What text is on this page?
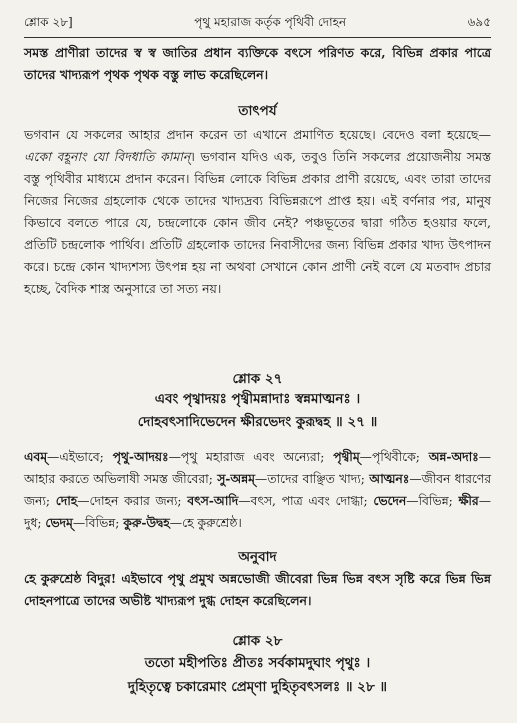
শ্লোক ২৮]	পৃথু মহারাজ কর্তৃক পৃথিবী দোহন	৬৯৫
সমস্ত প্রাণীরা তাদের স্ব স্ব জাতির প্রধান ব্যক্তিকে বৎসে পরিণত করে, বিভিন্ন প্রকার পাত্রে তাদের খাদ্যরূপ পৃথক পৃথক বস্তু লাভ করেছিলেন।
তাৎপর্য
ভগবান যে সকলের আহার প্রদান করেন তা এখানে প্রমাণিত হয়েছে। বেদেও বলা হয়েছে—একো বহূনাং যো বিদধাতি কামান্। ভগবান যদিও এক, তবুও তিনি সকলের প্রয়োজনীয় সমস্ত বস্তু পৃথিবীর মাধ্যমে প্রদান করেন। বিভিন্ন লোকে বিভিন্ন প্রকার প্রাণী রয়েছে, এবং তারা তাদের নিজের নিজের গ্রহলোক থেকে তাদের খাদ্যদ্রব্য বিভিন্নরূপে প্রাপ্ত হয়। এই বর্ণনার পর, মানুষ কিভাবে বলতে পারে যে, চন্দ্রলোকে কোন জীব নেই? পঞ্চভূতের দ্বারা গঠিত হওয়ার ফলে, প্রতিটি চন্দ্রলোক পার্থিব। প্রতিটি গ্রহলোক তাদের নিবাসীদের জন্য বিভিন্ন প্রকার খাদ্য উৎপাদন করে। চন্দ্রে কোন খাদ্যশস্য উৎপন্ন হয় না অথবা সেখানে কোন প্রাণী নেই বলে যে মতবাদ প্রচার হচ্ছে, বৈদিক শাস্ত্র অনুসারে তা সত্য নয়।
শ্লোক ২৭
এবং পৃথ্বাদয়ঃ পৃথ্বীমন্নাদাঃ স্বন্নমাত্মনঃ ।
দোহবৎসাদিভেদেন ক্ষীরভেদং কুরূদ্বহ ॥ ২৭ ॥
এবম্—এইভাবে; পৃথু-আদয়ঃ—পৃথু মহারাজ এবং অন্যেরা; পৃথ্বীম্—পৃথিবীকে; অন্ন-অদাঃ—আহার করতে অভিলাষী সমস্ত জীবেরা; সু-অন্নম্—তাদের বাঞ্ছিত খাদ্য; আত্মনঃ—জীবন ধারণের জন্য; দোহ—দোহন করার জন্য; বৎস-আদি—বৎস, পাত্র এবং দোগ্ধা; ভেদেন—বিভিন্ন; ক্ষীর—দুধ; ভেদম্—বিভিন্ন; কুরু-উদ্বহ—হে কুরুশ্রেষ্ঠ।
অনুবাদ
হে কুরুশ্রেষ্ঠ বিদুর! এইভাবে পৃথু প্রমুখ অন্নভোজী জীবেরা ভিন্ন ভিন্ন বৎস সৃষ্টি করে ভিন্ন ভিন্ন দোহনপাত্রে তাদের অভীষ্ট খাদ্যরূপ দুগ্ধ দোহন করেছিলেন।
শ্লোক ২৮
ততো মহীপতিঃ প্রীতঃ সর্বকামদুঘাং পৃথুঃ ।
দুহিতৃত্বে চকারেমাং প্রেম্ণা দুহিতৃবৎসলঃ ॥ ২৮ ॥
